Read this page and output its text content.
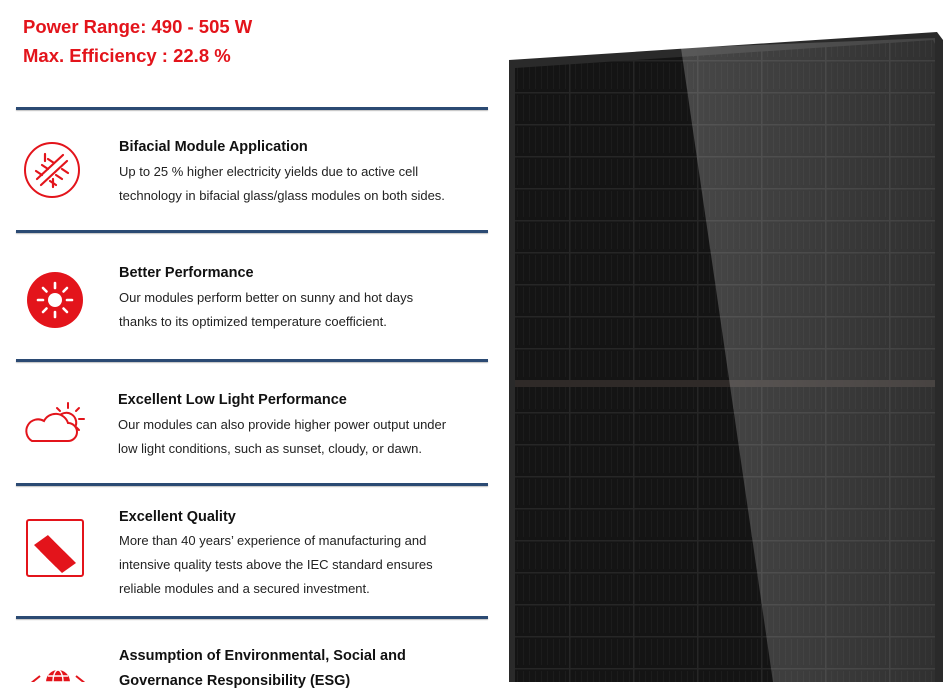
Power Range: 490 - 505 W

Max. Efficiency : 22.8 %

Bifacial Module Application

Up to 25 % higher electricity yields due to active cell
technology in bifacial glass/glass modules on both sides.

Better Performance

Our modules perform better on sunny and hot days
thanks to its optimized temperature coefficient.

Excellent Low Light Performance

Our modules can also provide higher power output under
low light conditions, such as sunset, cloudy, or dawn.

Excellent Quality

More than 40 years’ experience of manufacturing and
intensive quality tests above the IEC standard ensures
reliable modules and a secured investment.

Assumption of Environmental, Social and
Governance Responsibility (ESG)
